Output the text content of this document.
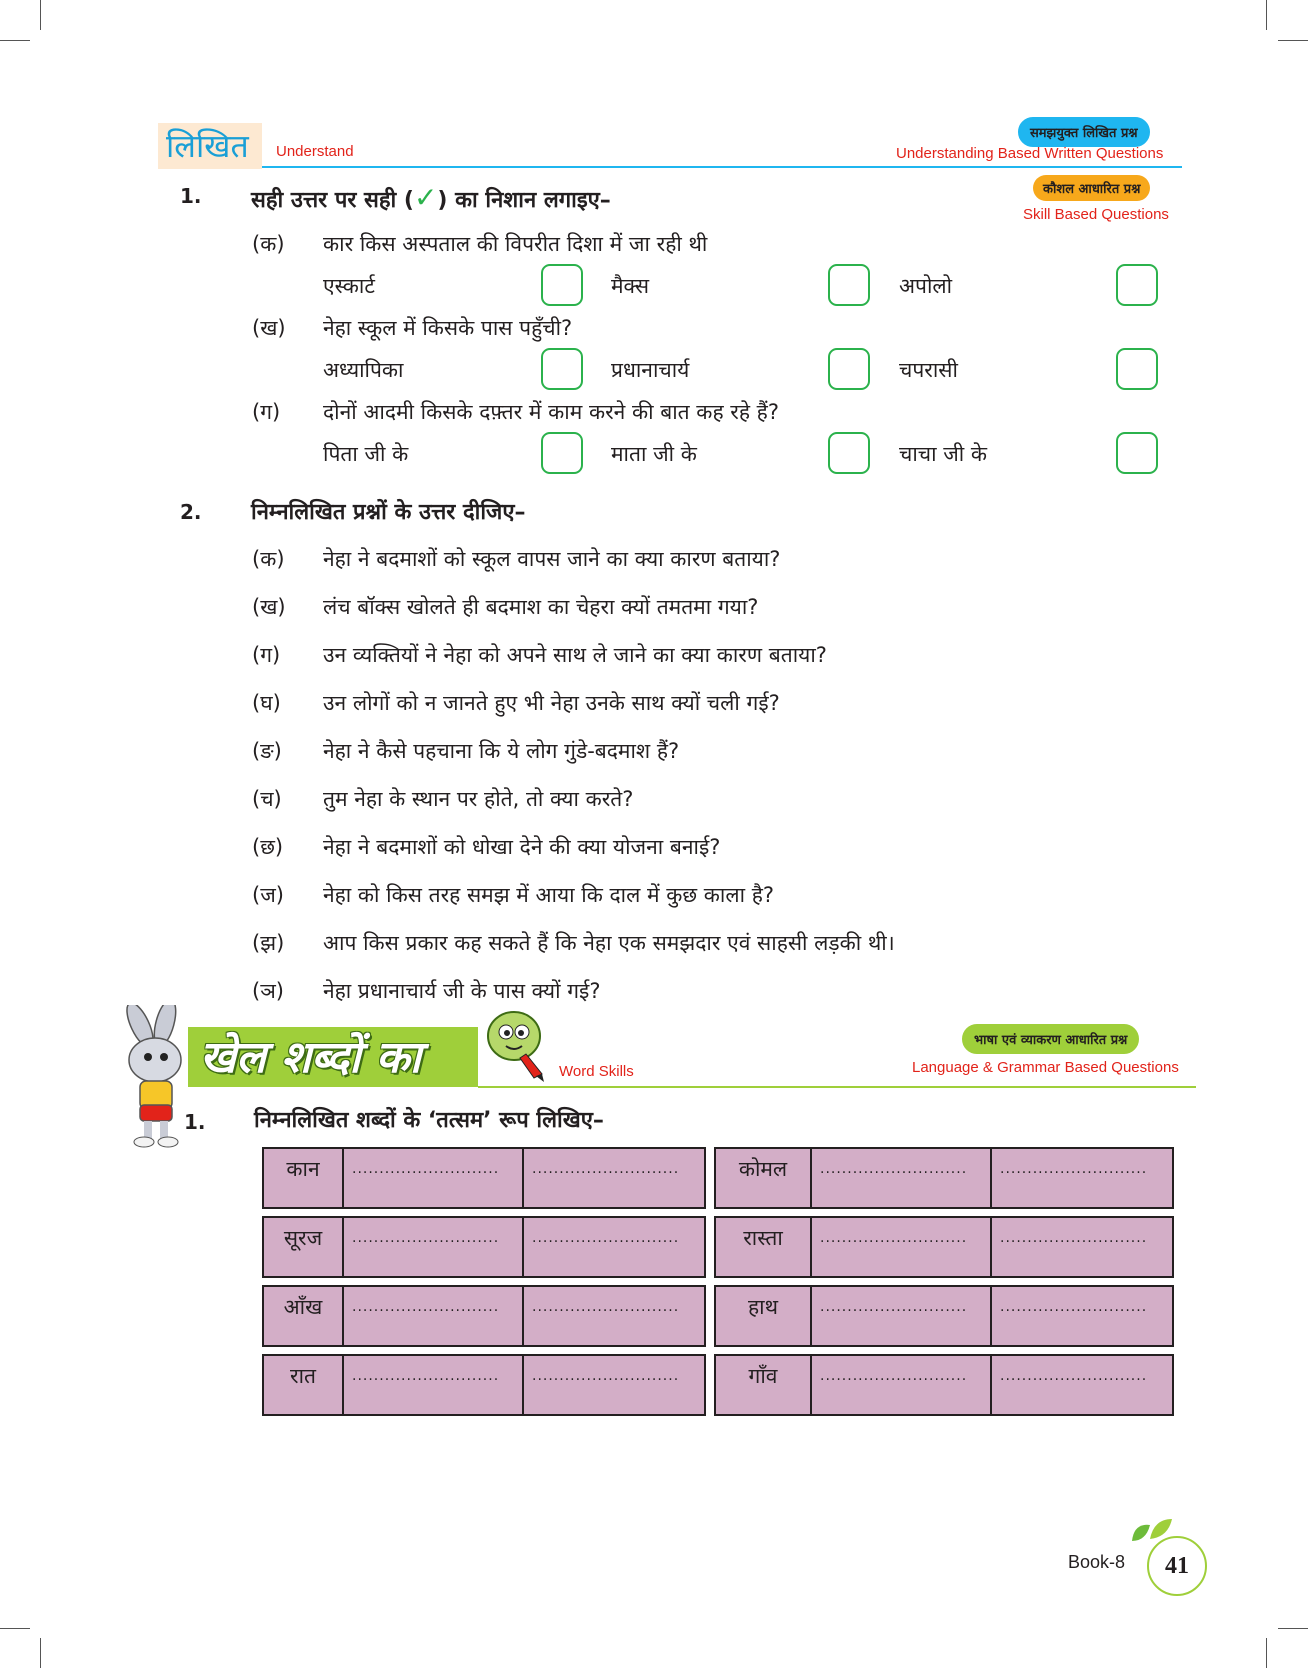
लिखित Understand
समझयुक्त लिखित प्रश्न
Understanding Based Written Questions
कौशल आधारित प्रश्न
Skill Based Questions
1. सही उत्तर पर सही (✓) का निशान लगाइए–
(क) कार किस अस्पताल की विपरीत दिशा में जा रही थी
एस्कार्ट	मैक्स	अपोलो
(ख) नेहा स्कूल में किसके पास पहुँची?
अध्यापिका	प्रधानाचार्य	चपरासी
(ग) दोनों आदमी किसके दफ़्तर में काम करने की बात कह रहे हैं?
पिता जी के	माता जी के	चाचा जी के
2. निम्नलिखित प्रश्नों के उत्तर दीजिए–
(क) नेहा ने बदमाशों को स्कूल वापस जाने का क्या कारण बताया?
(ख) लंच बॉक्स खोलते ही बदमाश का चेहरा क्यों तमतमा गया?
(ग) उन व्यक्तियों ने नेहा को अपने साथ ले जाने का क्या कारण बताया?
(घ) उन लोगों को न जानते हुए भी नेहा उनके साथ क्यों चली गई?
(ङ) नेहा ने कैसे पहचाना कि ये लोग गुंडे-बदमाश हैं?
(च) तुम नेहा के स्थान पर होते, तो क्या करते?
(छ) नेहा ने बदमाशों को धोखा देने की क्या योजना बनाई?
(ज) नेहा को किस तरह समझ में आया कि दाल में कुछ काला है?
(झ) आप किस प्रकार कह सकते हैं कि नेहा एक समझदार एवं साहसी लड़की थी।
(ञ) नेहा प्रधानाचार्य जी के पास क्यों गई?
खेल शब्दों का	Word Skills
भाषा एवं व्याकरण आधारित प्रश्न
Language & Grammar Based Questions
1. निम्नलिखित शब्दों के ‘तत्सम’ रूप लिखिए–
कान	...........................	...........................
सूरज	...........................	...........................
आँख	...........................	...........................
रात	...........................	...........................
कोमल	...........................	...........................
रास्ता	...........................	...........................
हाथ	...........................	...........................
गाँव	...........................	...........................
Book-8	41
